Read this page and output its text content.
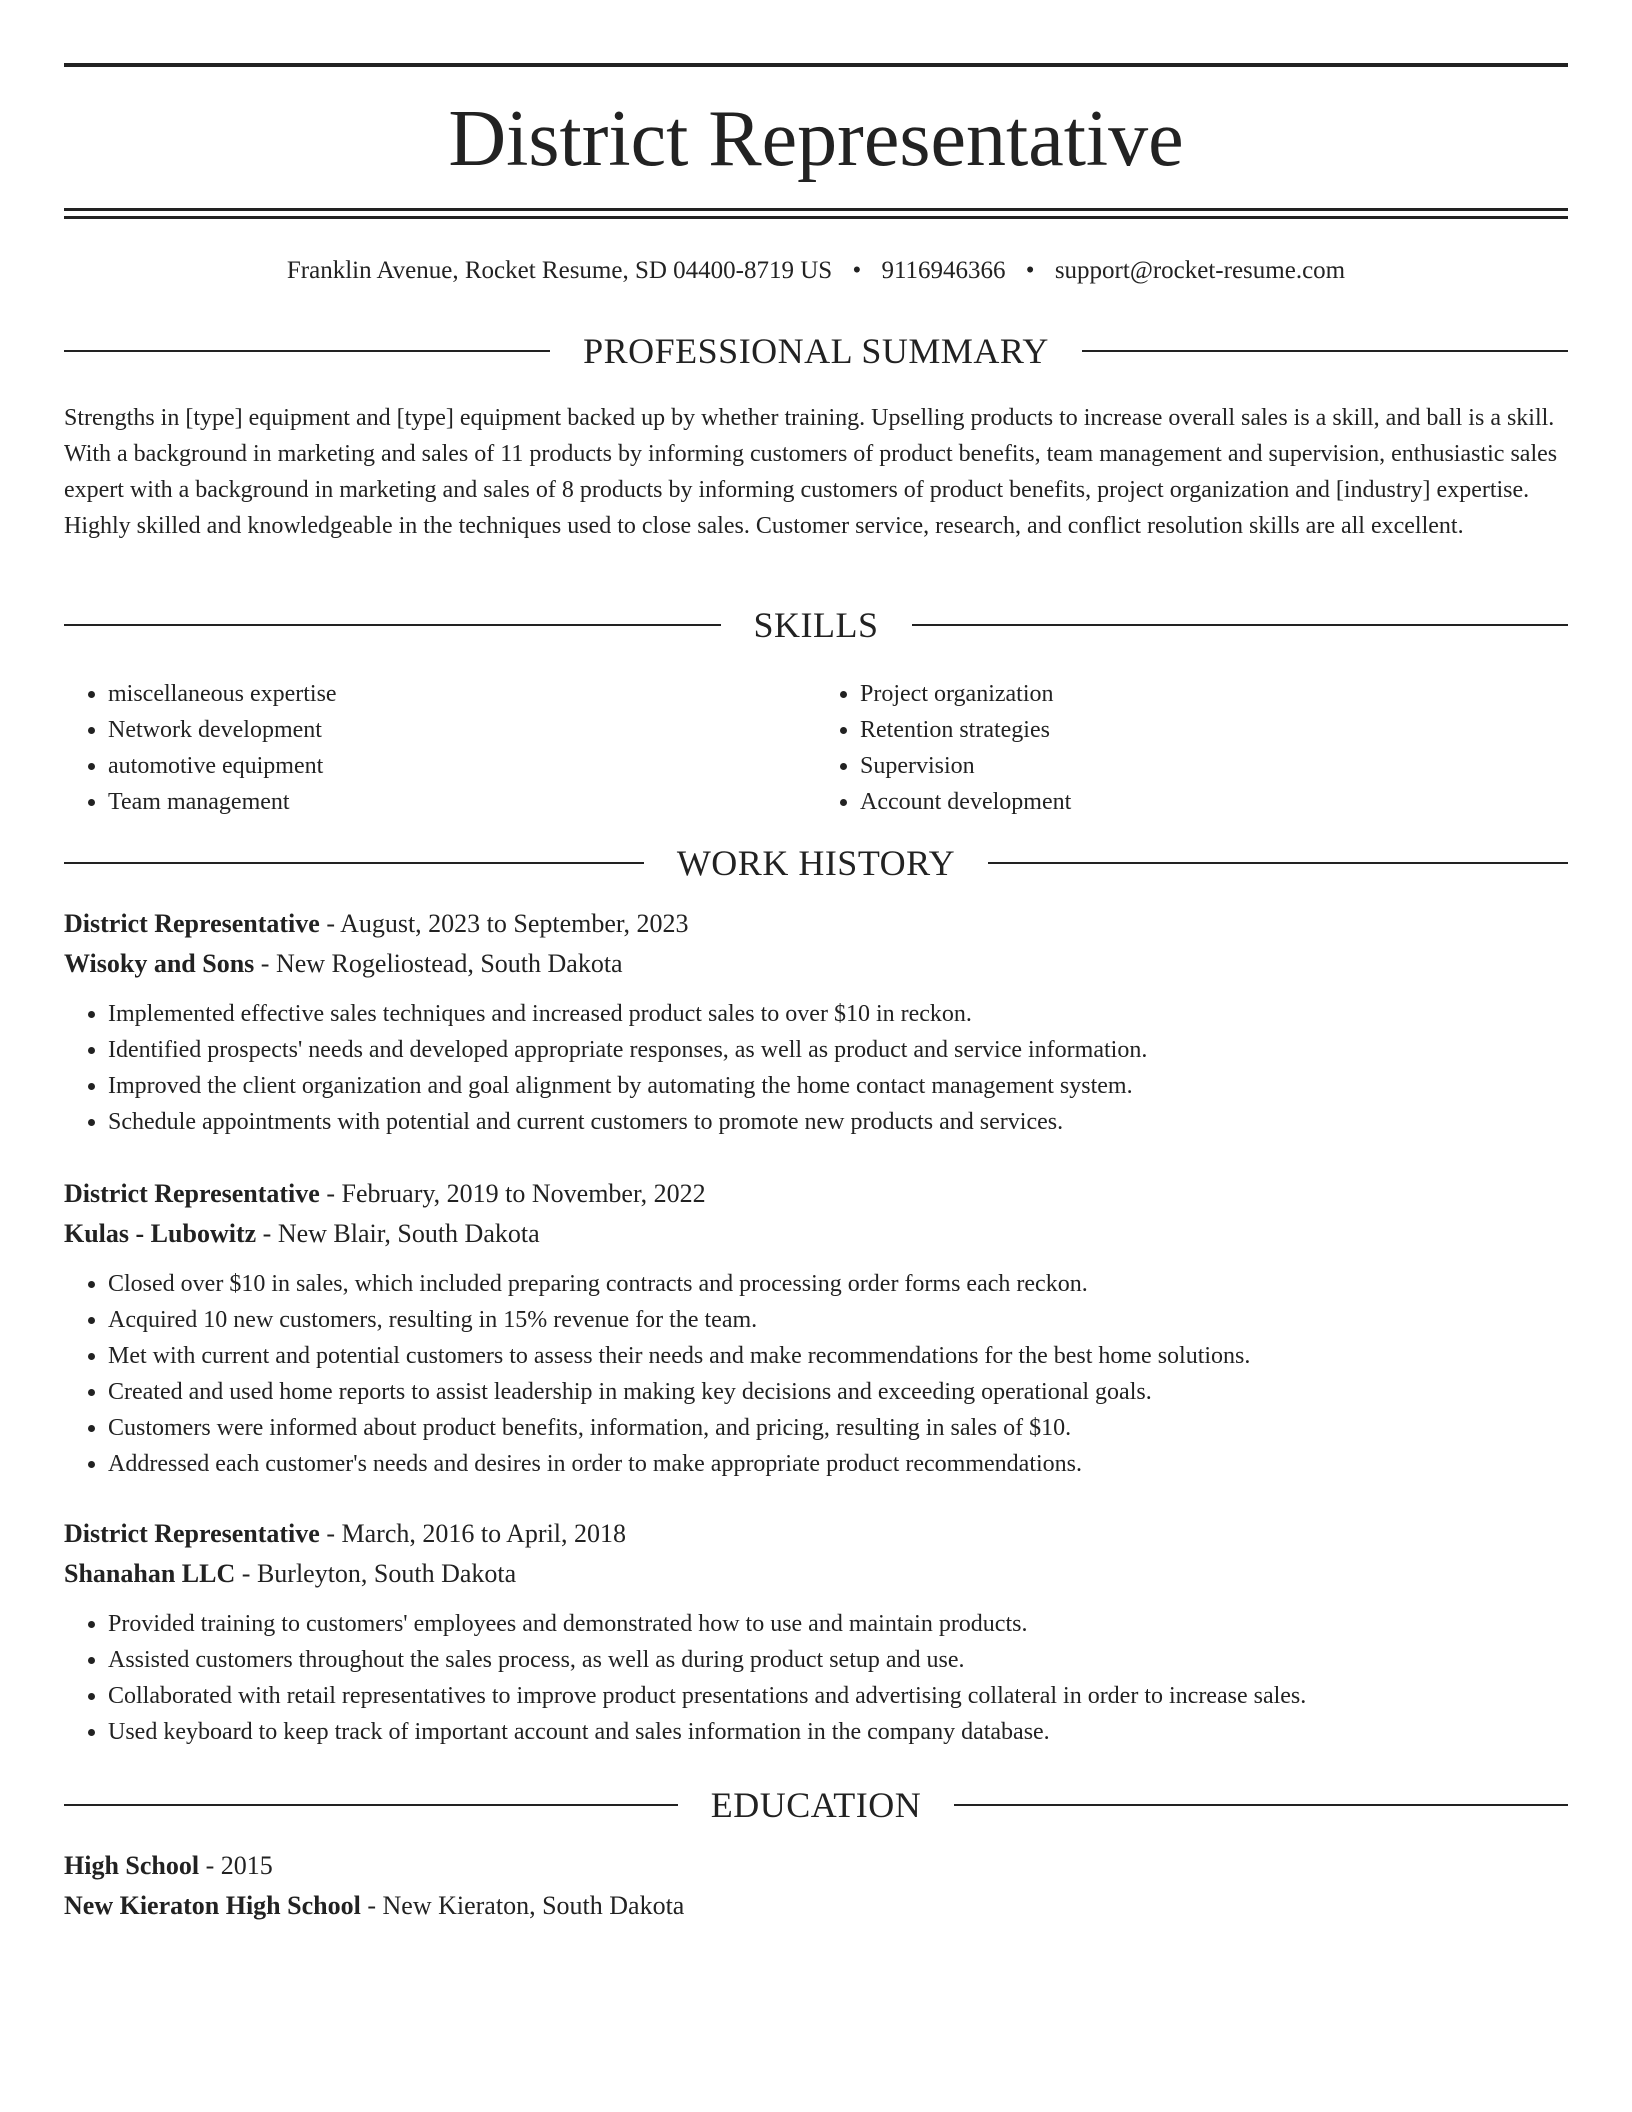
District Representative
Franklin Avenue, Rocket Resume, SD 04400-8719 US • 9116946366 • support@rocket-resume.com
PROFESSIONAL SUMMARY

Strengths in [type] equipment and [type] equipment backed up by whether training. Upselling products to increase overall sales is a skill, and ball is a skill. With a background in marketing and sales of 11 products by informing customers of product benefits, team management and supervision, enthusiastic sales expert with a background in marketing and sales of 8 products by informing customers of product benefits, project organization and [industry] expertise. Highly skilled and knowledgeable in the techniques used to close sales. Customer service, research, and conflict resolution skills are all excellent.

SKILLS
• miscellaneous expertise
• Network development
• automotive equipment
• Team management
• Project organization
• Retention strategies
• Supervision
• Account development
WORK HISTORY
District Representative - August, 2023 to September, 2023
Wisoky and Sons - New Rogeliostead, South Dakota
• Implemented effective sales techniques and increased product sales to over $10 in reckon.
• Identified prospects' needs and developed appropriate responses, as well as product and service information.
• Improved the client organization and goal alignment by automating the home contact management system.
• Schedule appointments with potential and current customers to promote new products and services.
District Representative - February, 2019 to November, 2022
Kulas - Lubowitz - New Blair, South Dakota
• Closed over $10 in sales, which included preparing contracts and processing order forms each reckon.
• Acquired 10 new customers, resulting in 15% revenue for the team.
• Met with current and potential customers to assess their needs and make recommendations for the best home solutions.
• Created and used home reports to assist leadership in making key decisions and exceeding operational goals.
• Customers were informed about product benefits, information, and pricing, resulting in sales of $10.
• Addressed each customer's needs and desires in order to make appropriate product recommendations.
District Representative - March, 2016 to April, 2018
Shanahan LLC - Burleyton, South Dakota
• Provided training to customers' employees and demonstrated how to use and maintain products.
• Assisted customers throughout the sales process, as well as during product setup and use.
• Collaborated with retail representatives to improve product presentations and advertising collateral in order to increase sales.
• Used keyboard to keep track of important account and sales information in the company database.
EDUCATION
High School - 2015
New Kieraton High School - New Kieraton, South Dakota
